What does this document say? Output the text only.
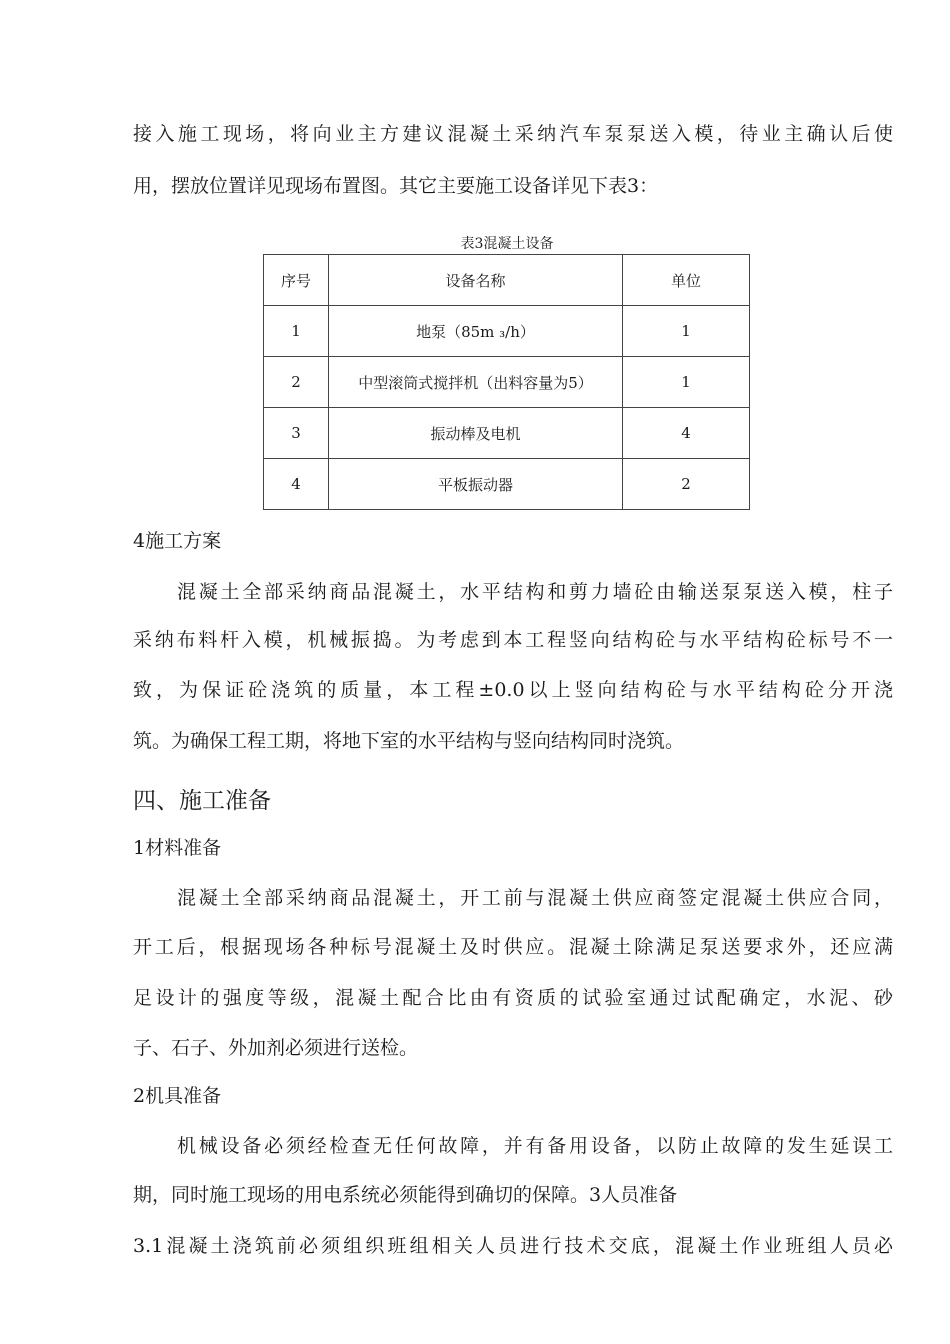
接入施工现场，将向业主方建议混凝土采纳汽车泵泵送入模，待业主确认后使
用，摆放位置详见现场布置图。其它主要施工设备详见下表3：
表3混凝土设备
序号	设备名称	单位
1	地泵（85m ₃/h）	1
2	中型滚筒式搅拌机（出料容量为5）	1
3	振动棒及电机	4
4	平板振动器	2
4施工方案
混凝土全部采纳商品混凝土，水平结构和剪力墙砼由输送泵泵送入模，柱子
采纳布料杆入模，机械振捣。为考虑到本工程竖向结构砼与水平结构砼标号不一
致，为保证砼浇筑的质量，本工程±0.0以上竖向结构砼与水平结构砼分开浇
筑。为确保工程工期，将地下室的水平结构与竖向结构同时浇筑。
四、施工准备
1材料准备
混凝土全部采纳商品混凝土，开工前与混凝土供应商签定混凝土供应合同，
开工后，根据现场各种标号混凝土及时供应。混凝土除满足泵送要求外，还应满
足设计的强度等级，混凝土配合比由有资质的试验室通过试配确定，水泥、砂
子、石子、外加剂必须进行送检。
2机具准备
机械设备必须经检查无任何故障，并有备用设备，以防止故障的发生延误工
期，同时施工现场的用电系统必须能得到确切的保障。3人员准备
3.1混凝土浇筑前必须组织班组相关人员进行技术交底，混凝土作业班组人员必
